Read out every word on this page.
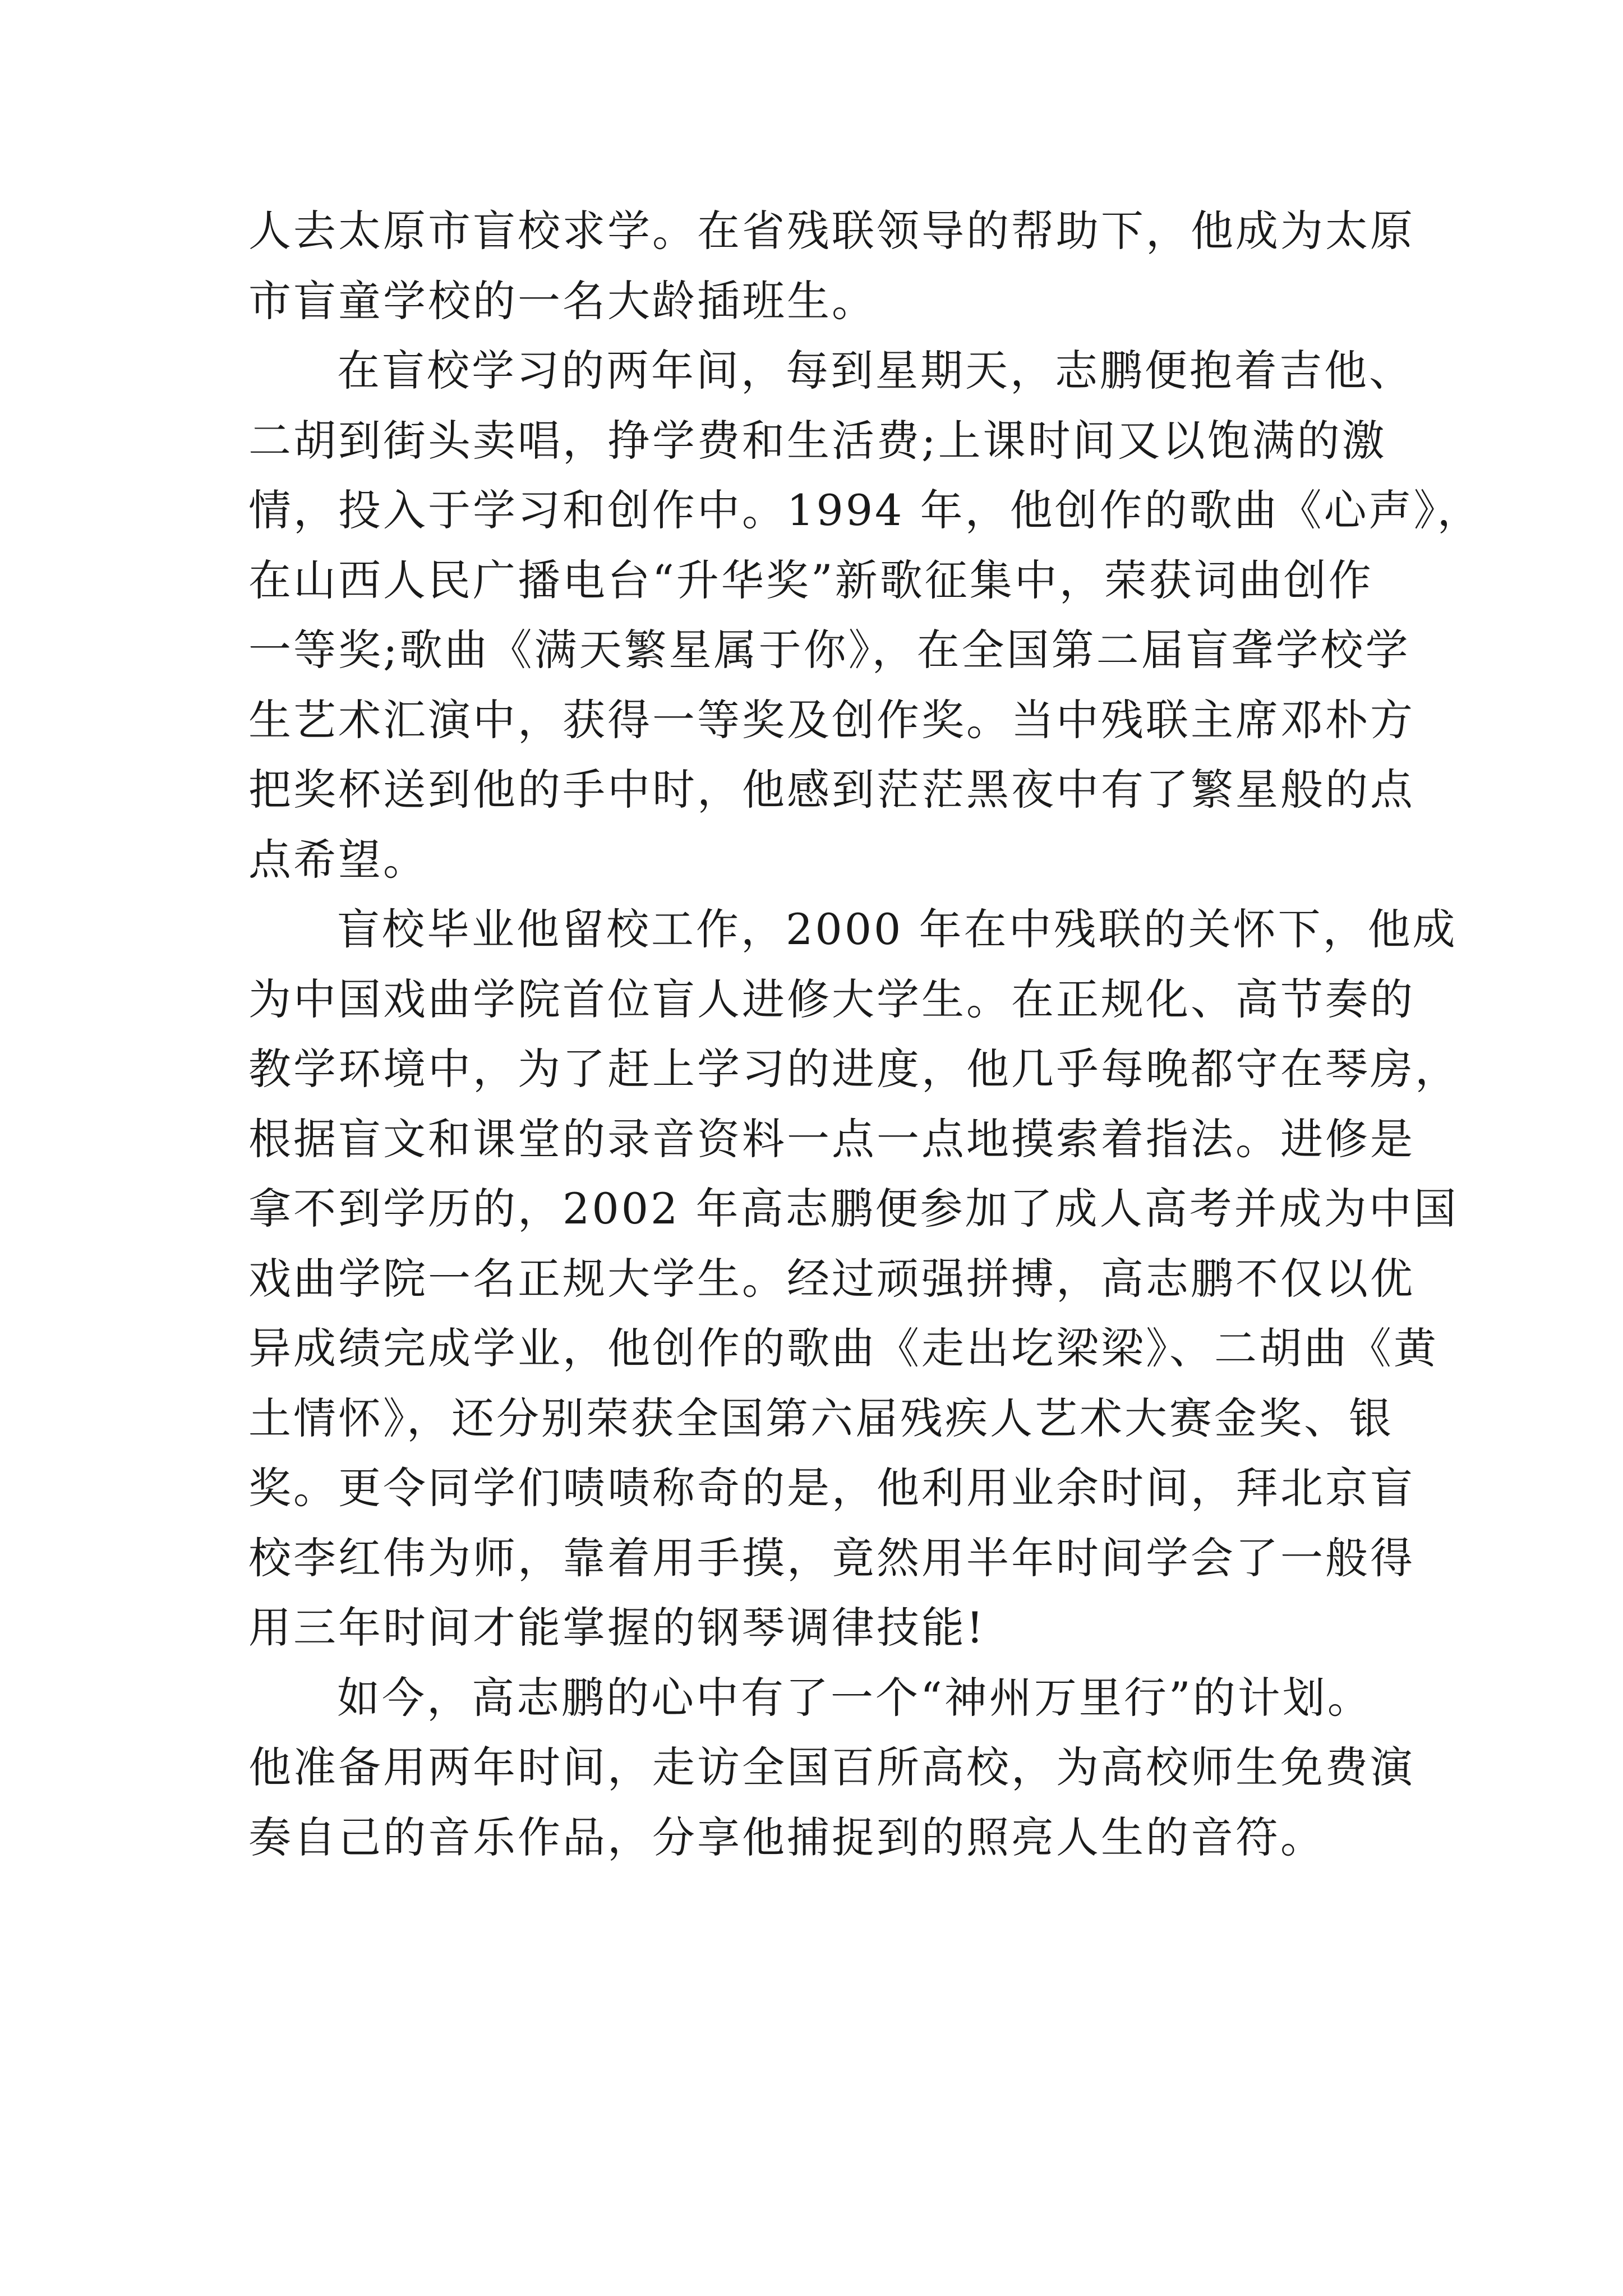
人去太原市盲校求学。在省残联领导的帮助下，他成为太原
市盲童学校的一名大龄插班生。
在盲校学习的两年间，每到星期天，志鹏便抱着吉他、
二胡到街头卖唱，挣学费和生活费;上课时间又以饱满的激
情，投入于学习和创作中。1994 年，他创作的歌曲《心声》，
在山西人民广播电台“升华奖”新歌征集中，荣获词曲创作
一等奖;歌曲《满天繁星属于你》，在全国第二届盲聋学校学
生艺术汇演中，获得一等奖及创作奖。当中残联主席邓朴方
把奖杯送到他的手中时，他感到茫茫黑夜中有了繁星般的点
点希望。
盲校毕业他留校工作，2000 年在中残联的关怀下，他成
为中国戏曲学院首位盲人进修大学生。在正规化、高节奏的
教学环境中，为了赶上学习的进度，他几乎每晚都守在琴房，
根据盲文和课堂的录音资料一点一点地摸索着指法。进修是
拿不到学历的，2002 年高志鹏便参加了成人高考并成为中国
戏曲学院一名正规大学生。经过顽强拼搏，高志鹏不仅以优
异成绩完成学业，他创作的歌曲《走出圪梁梁》、二胡曲《黄
土情怀》，还分别荣获全国第六届残疾人艺术大赛金奖、银
奖。更令同学们啧啧称奇的是，他利用业余时间，拜北京盲
校李红伟为师，靠着用手摸，竟然用半年时间学会了一般得
用三年时间才能掌握的钢琴调律技能!
如今，高志鹏的心中有了一个“神州万里行”的计划。
他准备用两年时间，走访全国百所高校，为高校师生免费演
奏自己的音乐作品，分享他捕捉到的照亮人生的音符。
